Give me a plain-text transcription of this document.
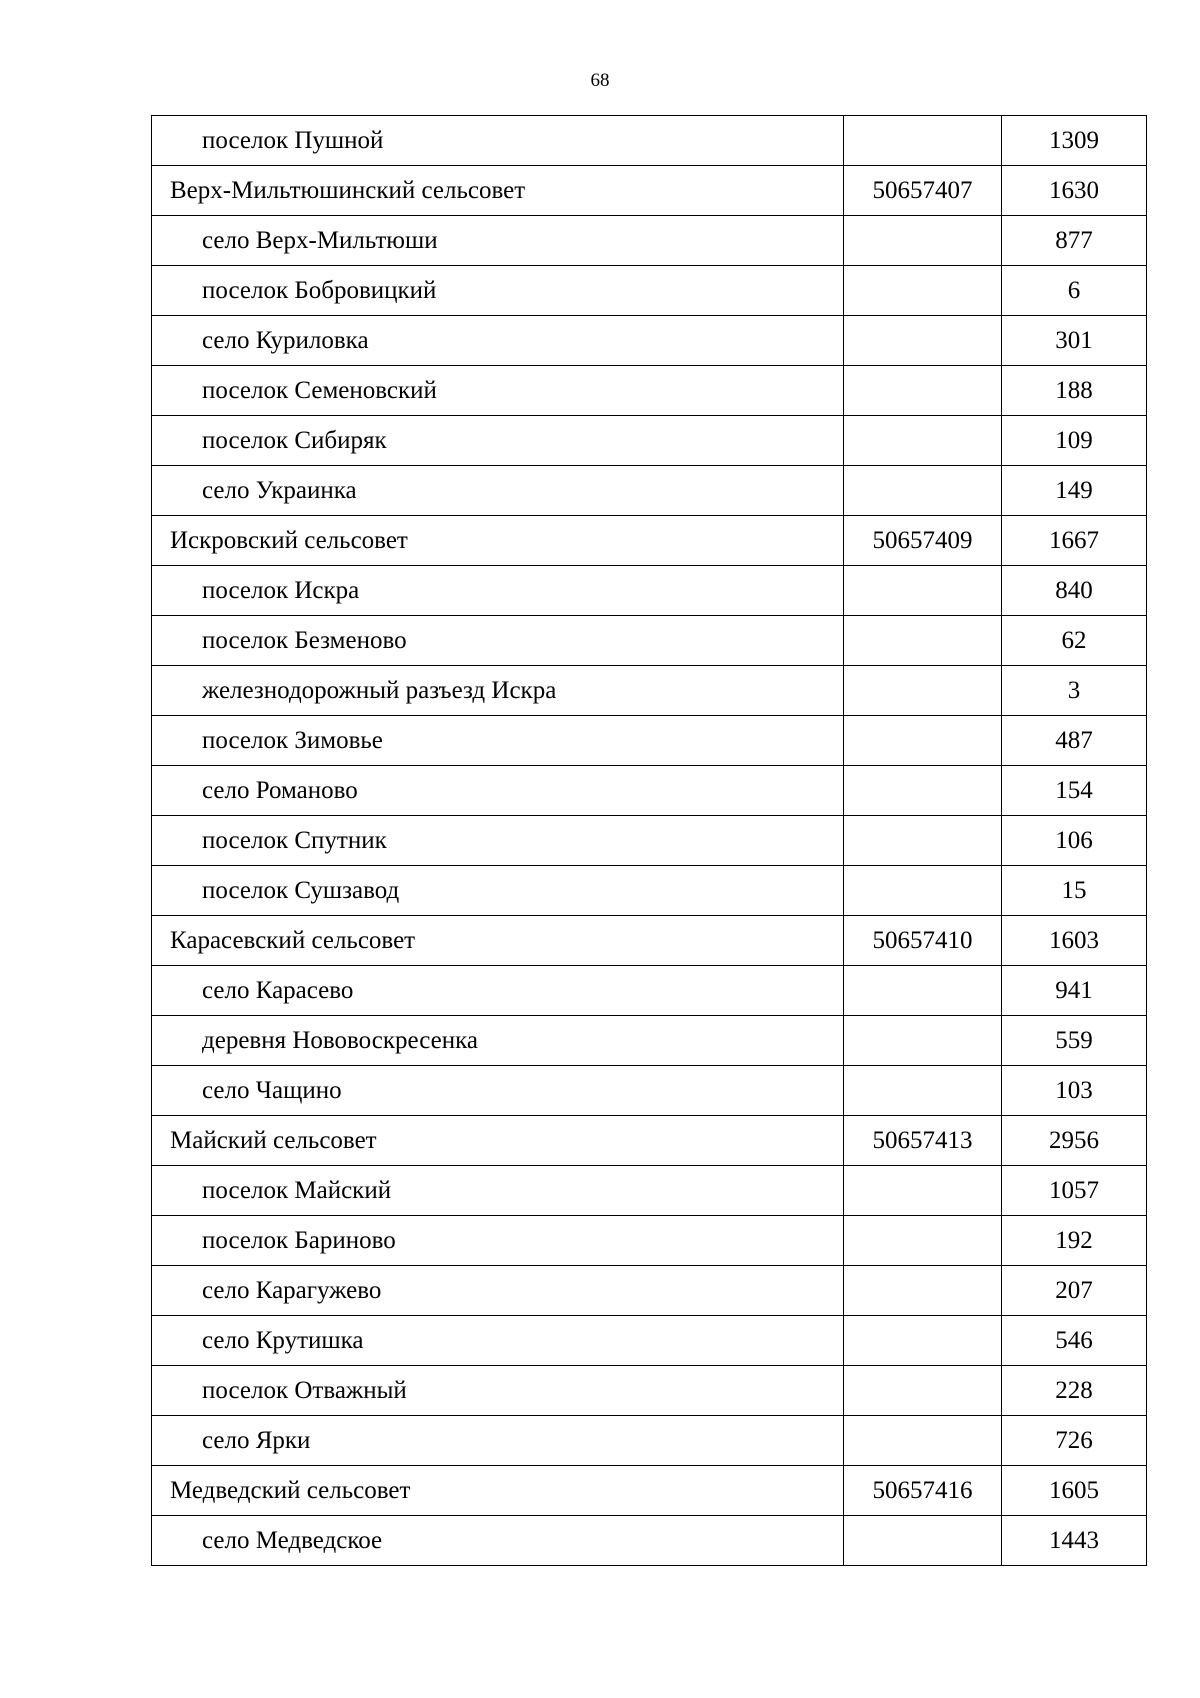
68
поселок Пушной		1309
Верх-Мильтюшинский сельсовет	50657407	1630
село Верх-Мильтюши		877
поселок Бобровицкий		6
село Куриловка		301
поселок Семеновский		188
поселок Сибиряк		109
село Украинка		149
Искровский сельсовет	50657409	1667
поселок Искра		840
поселок Безменово		62
железнодорожный разъезд Искра		3
поселок Зимовье		487
село Романово		154
поселок Спутник		106
поселок Сушзавод		15
Карасевский сельсовет	50657410	1603
село Карасево		941
деревня Нововоскресенка		559
село Чащино		103
Майский сельсовет	50657413	2956
поселок Майский		1057
поселок Бариново		192
село Карагужево		207
село Крутишка		546
поселок Отважный		228
село Ярки		726
Медведский сельсовет	50657416	1605
село Медведское		1443
